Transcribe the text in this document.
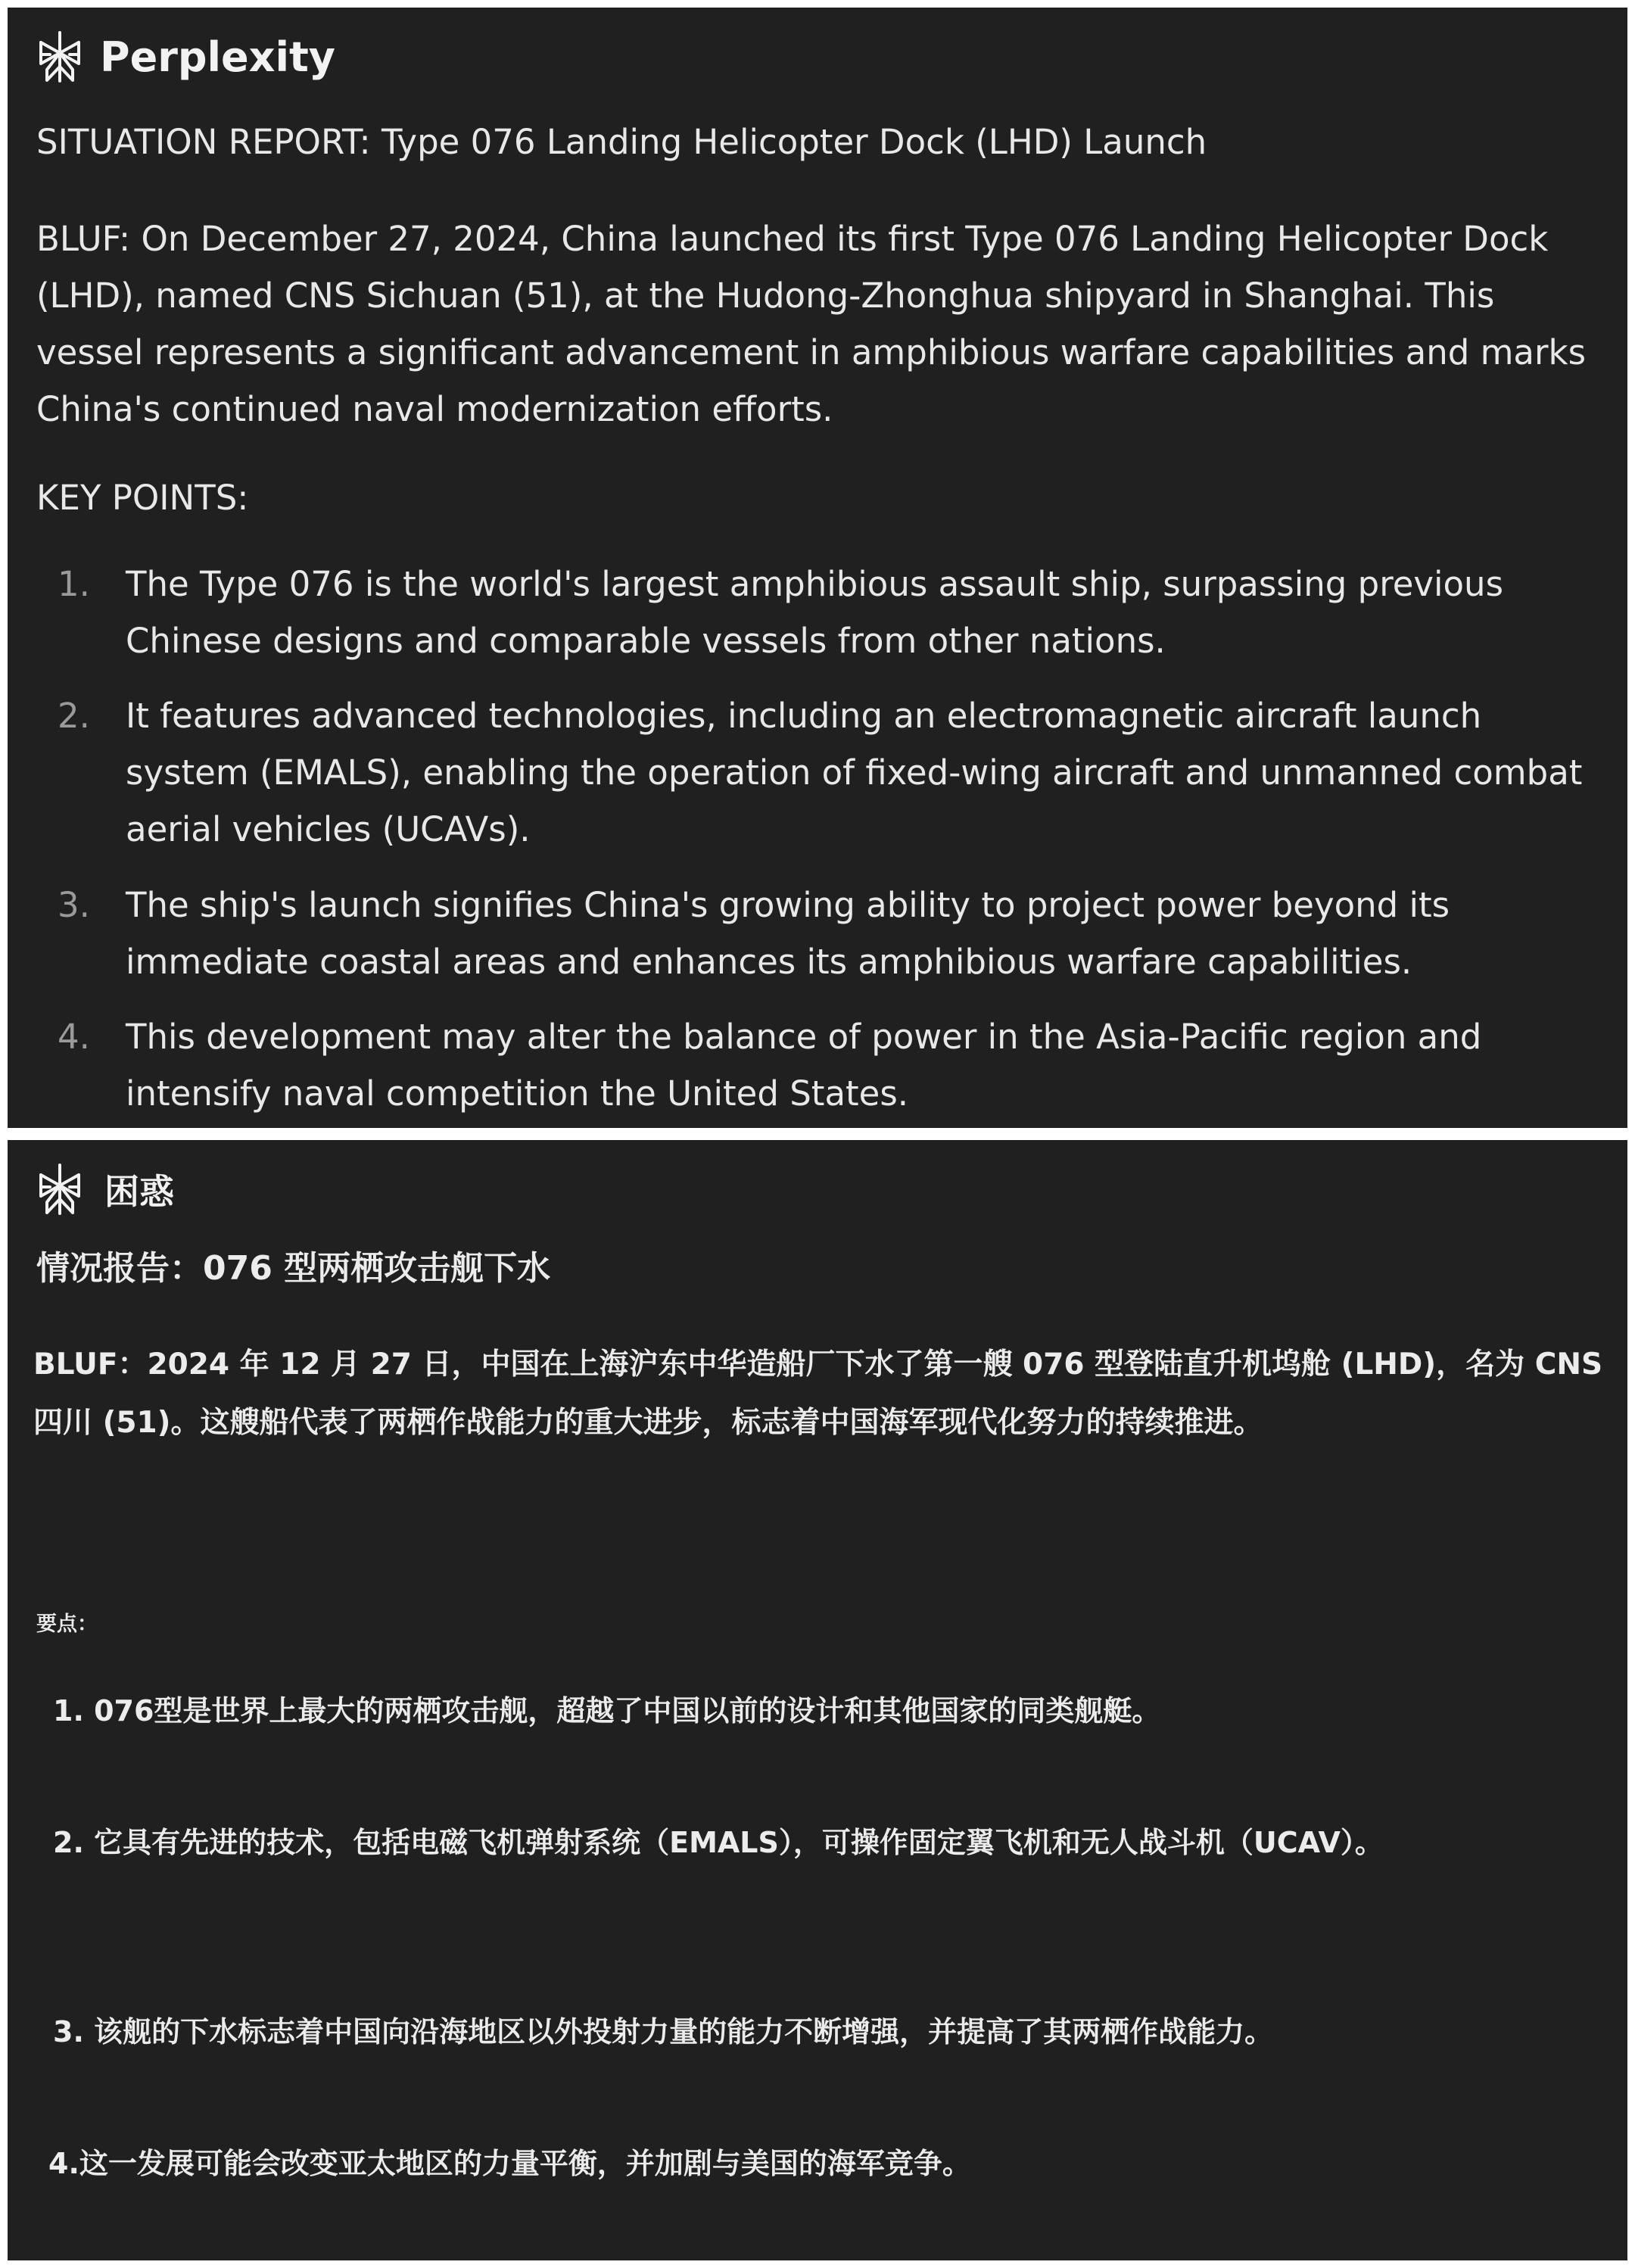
Perplexity
SITUATION REPORT: Type 076 Landing Helicopter Dock (LHD) Launch
BLUF: On December 27, 2024, China launched its first Type 076 Landing Helicopter Dock (LHD), named CNS Sichuan (51), at the Hudong-Zhonghua shipyard in Shanghai. This vessel represents a significant advancement in amphibious warfare capabilities and marks China's continued naval modernization efforts.
KEY POINTS:
1. The Type 076 is the world's largest amphibious assault ship, surpassing previous Chinese designs and comparable vessels from other nations.
2. It features advanced technologies, including an electromagnetic aircraft launch system (EMALS), enabling the operation of fixed-wing aircraft and unmanned combat aerial vehicles (UCAVs).
3. The ship's launch signifies China's growing ability to project power beyond its immediate coastal areas and enhances its amphibious warfare capabilities.
4. This development may alter the balance of power in the Asia-Pacific region and intensify naval competition the United States.
困惑
情况报告：076 型两栖攻击舰下水
BLUF：2024 年 12 月 27 日，中国在上海沪东中华造船厂下水了第一艘 076 型登陆直升机坞舱 (LHD)，名为 CNS 四川 (51)。这艘船代表了两栖作战能力的重大进步，标志着中国海军现代化努力的持续推进。
要点：
1. 076型是世界上最大的两栖攻击舰，超越了中国以前的设计和其他国家的同类舰艇。
2. 它具有先进的技术，包括电磁飞机弹射系统（EMALS），可操作固定翼飞机和无人战斗机（UCAV）。
3. 该舰的下水标志着中国向沿海地区以外投射力量的能力不断增强，并提高了其两栖作战能力。
4.这一发展可能会改变亚太地区的力量平衡，并加剧与美国的海军竞争。
